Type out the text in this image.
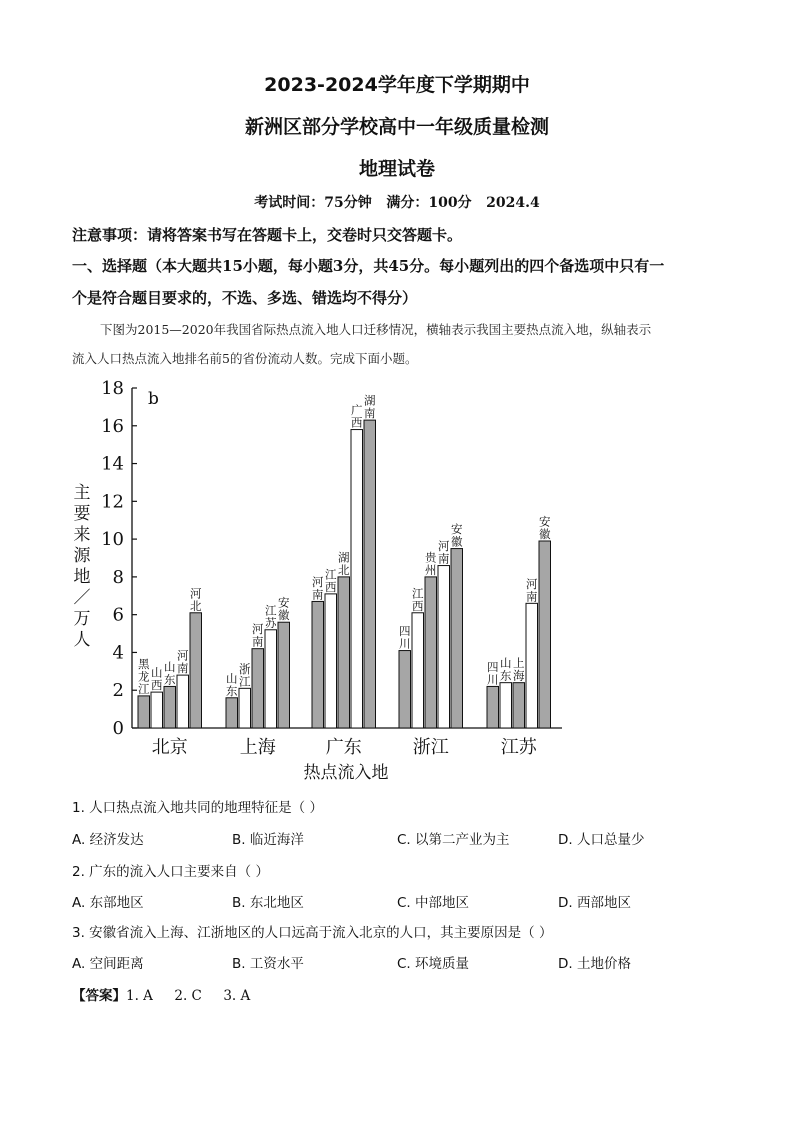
2023-2024学年度下学期期中
新洲区部分学校高中一年级质量检测
地理试卷
考试时间：75分钟   满分：100分   2024.4
注意事项：请将答案书写在答题卡上，交卷时只交答题卡。
一、选择题（本大题共15小题，每小题3分，共45分。每小题列出的四个备选项中只有一
个是符合题目要求的，不选、多选、错选均不得分）
下图为2015—2020年我国省际热点流入地人口迁移情况，横轴表示我国主要热点流入地，纵轴表示
流入人口热点流入地排名前5的省份流动人数。完成下面小题。
0
2
4
6
8
10
12
14
16
18
黑
龙
江
山
西
山
东
河
南
河
北
山
东
浙
江
河
南
江
苏
安
徽
河
南
江
西
湖
北
广
西
湖
南
四
川
江
西
贵
州
河
南
安
徽
四
川
山
东
上
海
河
南
安
徽
北京	上海	广东	浙江	江苏
b
热点流入地
主
要
来
源
地
／
万
人
1. 人口热点流入地共同的地理特征是（ ）
A. 经济发达	B. 临近海洋	C. 以第二产业为主	D. 人口总量少
2. 广东的流入人口主要来自（ ）
A. 东部地区	B. 东北地区	C. 中部地区	D. 西部地区
3. 安徽省流入上海、江浙地区的人口远高于流入北京的人口，其主要原因是（ ）
A. 空间距离	B. 工资水平	C. 环境质量	D. 土地价格
【答案】1. A     2. C     3. A
